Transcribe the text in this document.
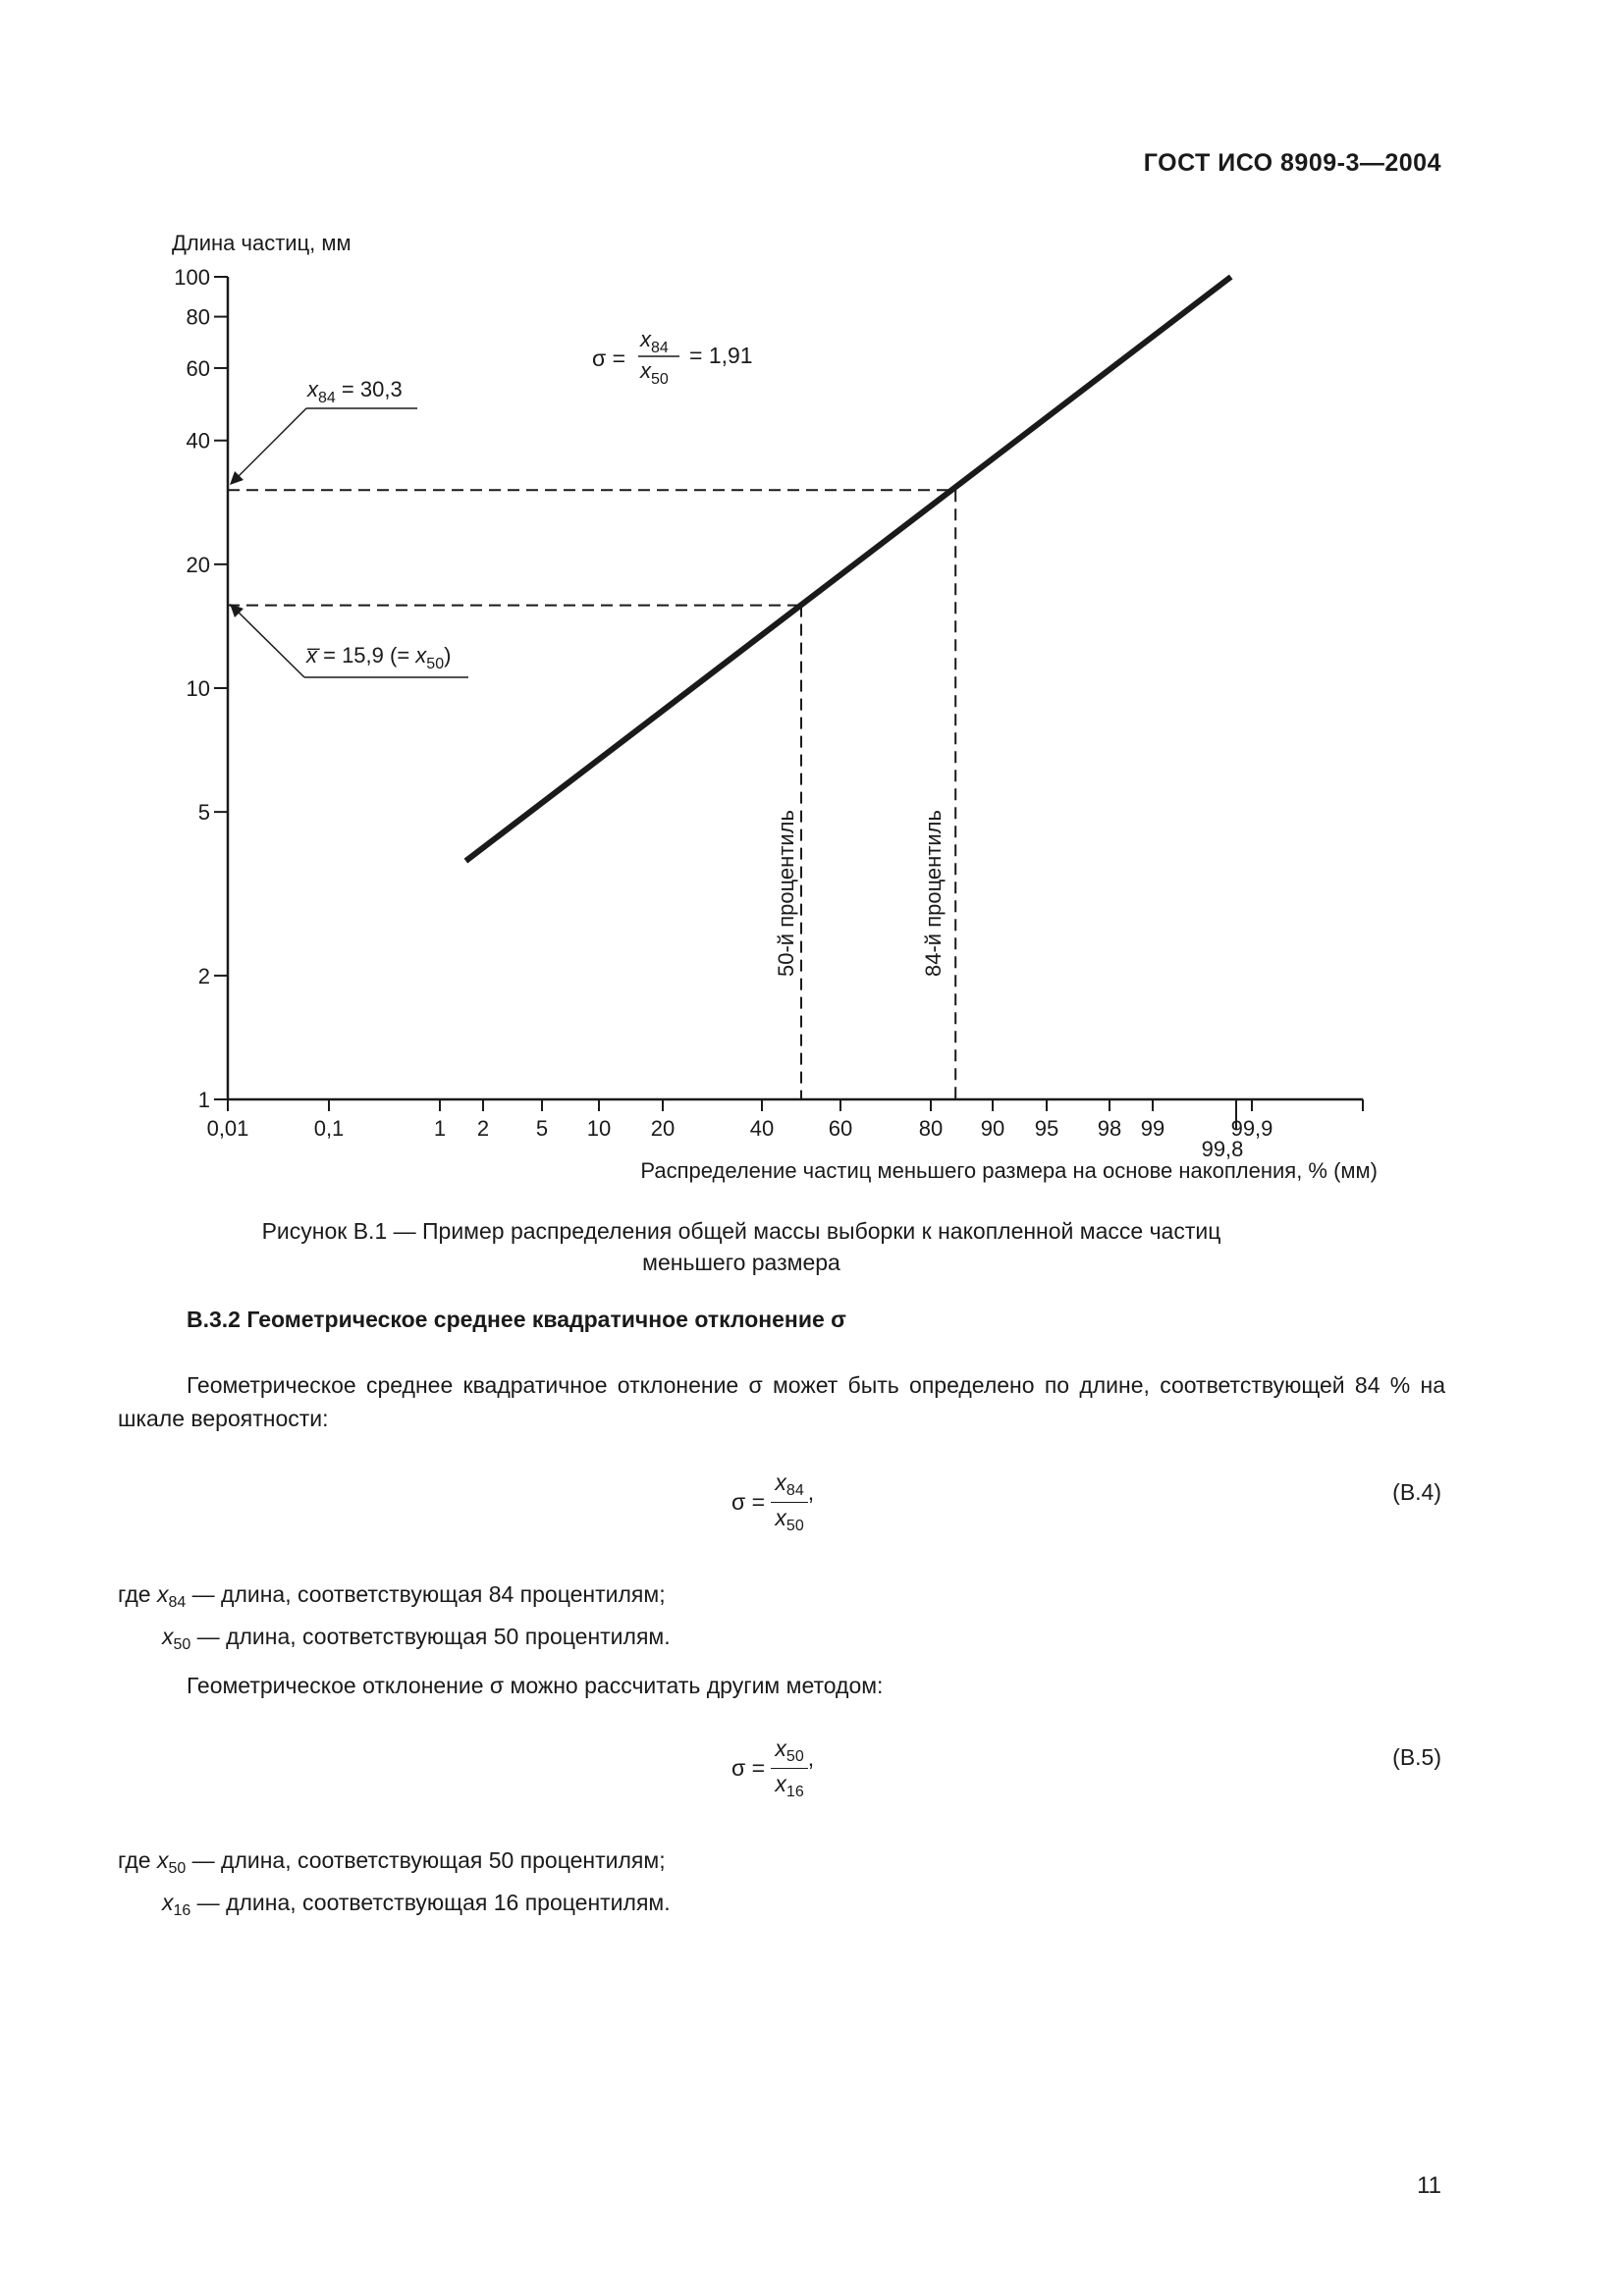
ГОСТ ИСО 8909-3—2004
Длина частиц, мм
1
2
5
10
20
40
60
80
100
0,01	0,1	1 2 5 10 20	40	60	80 90 95 98 99
99,8
99,9
Распределение частиц меньшего размера на основе накопления, % (мм)
σ =
$x_{84}$
$x_{50}$
= 1,91
$x_{84} = 30,3$
x̅ = 15,9 (= $x_{50}$)
50-й процентиль	84-й процентиль
Рисунок В.1 — Пример распределения общей массы выборки к накопленной массе частиц
меньшего размера
В.3.2 Геометрическое среднее квадратичное отклонение σ
Геометрическое среднее квадратичное отклонение σ может быть определено по длине, соответствующей 84 % на шкале вероятности:
$\sigma = \frac{x_{84}}{x_{50}}$ ,	(В.4)
где $x_{84}$ — длина, соответствующая 84 процентилям;
$x_{50}$ — длина, соответствующая 50 процентилям.
Геометрическое отклонение σ можно рассчитать другим методом:
$\sigma = \frac{x_{50}}{x_{16}}$ ,	(В.5)
где $x_{50}$ — длина, соответствующая 50 процентилям;
$x_{16}$ — длина, соответствующая 16 процентилям.
11
